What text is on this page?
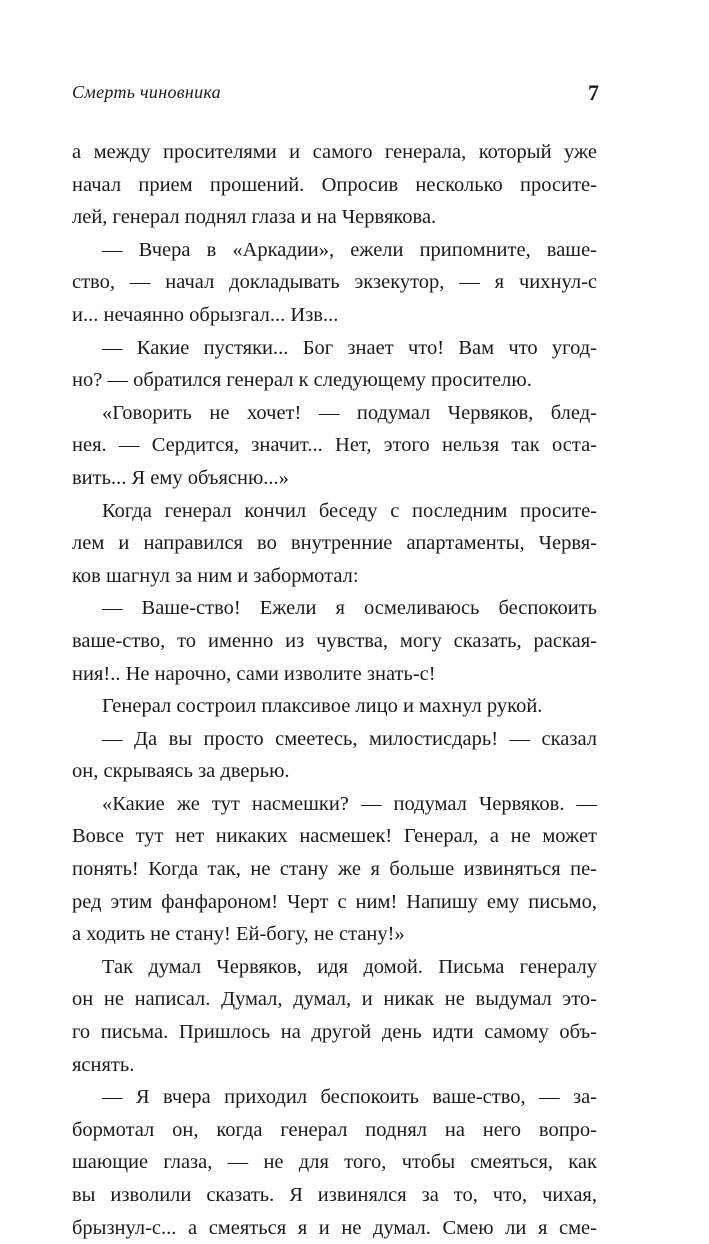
Смерть чиновника	7
а между просителями и самого генерала, который уже
начал прием прошений. Опросив несколько просите-
лей, генерал поднял глаза и на Червякова.
— Вчера в «Аркадии», ежели припомните, ваше-
ство, — начал докладывать экзекутор, — я чихнул-с
и... нечаянно обрызгал... Изв...
— Какие пустяки... Бог знает что! Вам что угод-
но? — обратился генерал к следующему просителю.
«Говорить не хочет! — подумал Червяков, блед-
нея. — Сердится, значит... Нет, этого нельзя так оста-
вить... Я ему объясню...»
Когда генерал кончил беседу с последним просите-
лем и направился во внутренние апартаменты, Червя-
ков шагнул за ним и забормотал:
— Ваше-ство! Ежели я осмеливаюсь беспокоить
ваше-ство, то именно из чувства, могу сказать, раская-
ния!.. Не нарочно, сами изволите знать-с!
Генерал состроил плаксивое лицо и махнул рукой.
— Да вы просто смеетесь, милостисдарь! — сказал
он, скрываясь за дверью.
«Какие же тут насмешки? — подумал Червяков. —
Вовсе тут нет никаких насмешек! Генерал, а не может
понять! Когда так, не стану же я больше извиняться пе-
ред этим фанфароном! Черт с ним! Напишу ему письмо,
а ходить не стану! Ей-богу, не стану!»
Так думал Червяков, идя домой. Письма генералу
он не написал. Думал, думал, и никак не выдумал это-
го письма. Пришлось на другой день идти самому объ-
яснять.
— Я вчера приходил беспокоить ваше-ство, — за-
бормотал он, когда генерал поднял на него вопро-
шающие глаза, — не для того, чтобы смеяться, как
вы изволили сказать. Я извинялся за то, что, чихая,
брызнул-с... а смеяться я и не думал. Смею ли я сме-
